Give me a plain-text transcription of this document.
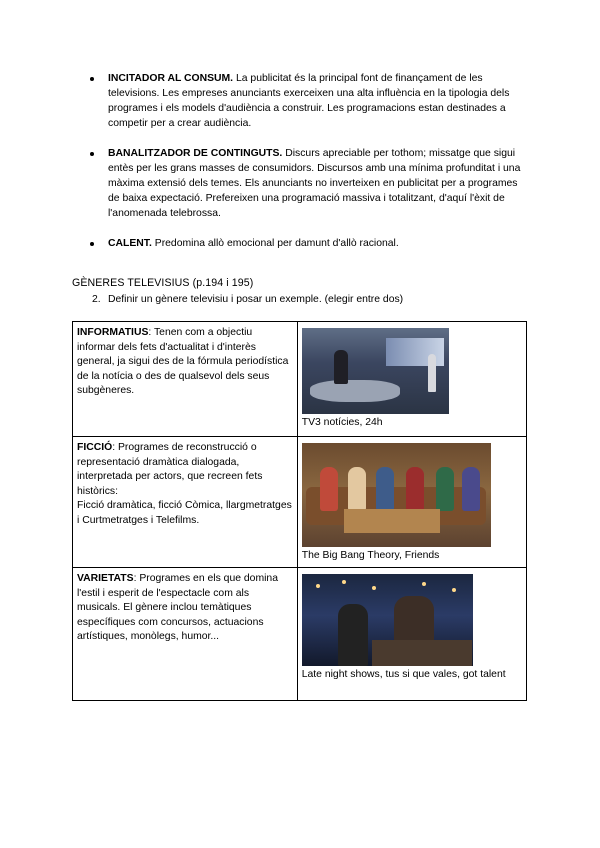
INCITADOR AL CONSUM. La publicitat és la principal font de finançament de les televisions. Les empreses anunciants exerceixen una alta influència en la tipologia dels programes i els models d'audiència a construir. Les programacions estan destinades a competir per a crear audiència.
BANALITZADOR DE CONTINGUTS. Discurs apreciable per tothom; missatge que sigui entès per les grans masses de consumidors. Discursos amb una mínima profunditat i una màxima extensió dels temes. Els anunciants no inverteixen en publicitat per a programes de baixa expectació. Prefereixen una programació massiva i totalitzant, d'aquí l'èxit de l'anomenada telebrossa.
CALENT. Predomina allò emocional per damunt d'allò racional.
GÈNERES TELEVISIUS (p.194 i 195)
2. Definir un gènere televisiu i posar un exemple. (elegir entre dos)
INFORMATIUS: Tenen com a objectiu informar dels fets d'actualitat i d'interès general, ja sigui des de la fórmula periodística de la notícia o des de qualsevol dels seus subgèneres.	TV3 notícies, 24h

FICCIÓ: Programes de reconstrucció o representació dramàtica dialogada, interpretada per actors, que recreen fets històrics:
Ficció dramàtica, ficció Còmica, llargmetratges i Curtmetratges i Telefilms.	The Big Bang Theory, Friends

VARIETATS: Programes en els que domina l'estil i esperit de l'espectacle com als musicals. El gènere inclou temàtiques específiques com concursos, actuacions artístiques, monòlegs, humor...	Late night shows, tus si que vales, got talent
